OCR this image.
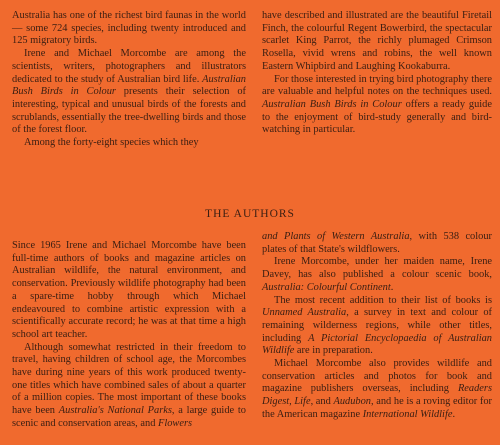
Australia has one of the richest bird faunas in the world — some 724 species, including twenty introduced and 125 migratory birds.

Irene and Michael Morcombe are among the scientists, writers, photographers and illustrators dedicated to the study of Australian bird life. Australian Bush Birds in Colour presents their selection of interesting, typical and unusual birds of the forests and scrublands, essentially the tree-dwelling birds and those of the forest floor.

Among the forty-eight species which they

have described and illustrated are the beautiful Firetail Finch, the colourful Regent Bowerbird, the spectacular scarlet King Parrot, the richly plumaged Crimson Rosella, vivid wrens and robins, the well known Eastern Whipbird and Laughing Kookaburra.

For those interested in trying bird photography there are valuable and helpful notes on the techniques used. Australian Bush Birds in Colour offers a ready guide to the enjoyment of bird-study generally and bird-watching in particular.

THE AUTHORS

Since 1965 Irene and Michael Morcombe have been full-time authors of books and magazine articles on Australian wildlife, the natural environment, and conservation. Previously wildlife photography had been a spare-time hobby through which Michael endeavoured to combine artistic expression with a scientifically accurate record; he was at that time a high school art teacher.

Although somewhat restricted in their freedom to travel, having children of school age, the Morcombes have during nine years of this work produced twenty-one titles which have combined sales of about a quarter of a million copies. The most important of these books have been Australia's National Parks, a large guide to scenic and conservation areas, and Flowers

and Plants of Western Australia, with 538 colour plates of that State's wildflowers.

Irene Morcombe, under her maiden name, Irene Davey, has also published a colour scenic book, Australia: Colourful Continent.

The most recent addition to their list of books is Unnamed Australia, a survey in text and colour of remaining wilderness regions, while other titles, including A Pictorial Encyclopaedia of Australian Wildlife are in preparation.

Michael Morcombe also provides wildlife and conservation articles and photos for book and magazine publishers overseas, including Readers Digest, Life, and Audubon, and he is a roving editor for the American magazine International Wildlife.
